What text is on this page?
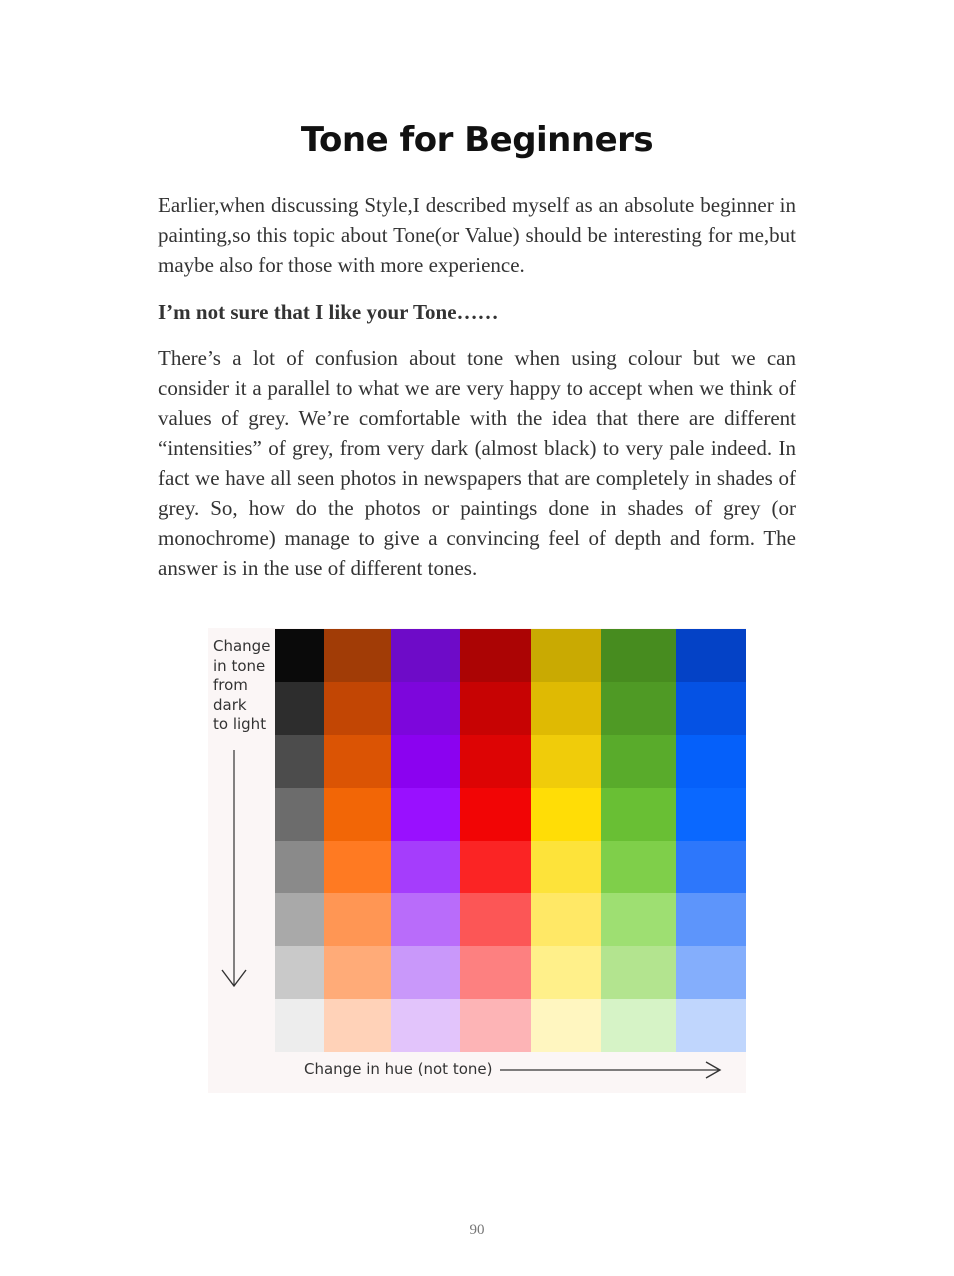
Tone for Beginners
Earlier,when discussing Style,I described myself as an absolute beginner in painting,so this topic about Tone(or Value) should be interesting for me,but maybe also for those with more experience.
I’m not sure that I like your Tone……
There’s a lot of confusion about tone when using colour but we can consider it a parallel to what we are very happy to accept when we think of values of grey. We’re comfortable with the idea that there are different “intensities” of grey, from very dark (almost black) to very pale indeed. In fact we have all seen photos in newspapers that are completely in shades of grey. So, how do the photos or paintings done in shades of grey (or monochrome) manage to give a convincing feel of depth and form. The answer is in the use of different tones.
Change
in tone
from
dark
to light
Change in hue (not tone)
90
